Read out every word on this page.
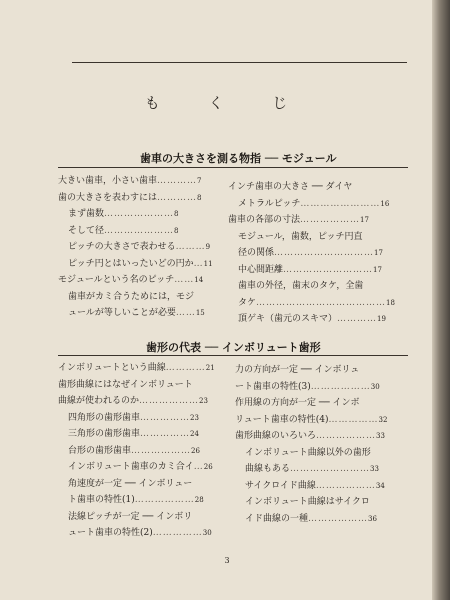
も く じ
歯車の大きさを測る物指 ── モジュール
大きい歯車，小さい歯車…………7
歯の大きさを表わすには…………8
まず歯数…………………8
そして径…………………8
ピッチの大きさで表わせる………9
ピッチ円とはいったいどの円か…11
モジュールという名のピッチ……14
歯車がカミ合うためには，モジ
ュールが等しいことが必要……15
インチ歯車の大きさ ── ダイヤ
メトラルピッチ……………………16
歯車の各部の寸法………………17
モジュール，歯数，ピッチ円直
径の関係…………………………17
中心間距離………………………17
歯車の外径，歯末のタケ，全歯
タケ…………………………………18
頂ゲキ（歯元のスキマ）…………19
歯形の代表 ── インボリュート歯形
インボリュートという曲線…………21
歯形曲線にはなぜインボリュート
曲線が使われるのか………………23
四角形の歯形歯車……………23
三角形の歯形歯車……………24
台形の歯形歯車………………26
インボリュート歯車のカミ合イ…26
角速度が一定 ── インボリュー
ト歯車の特性(1)………………28
法線ピッチが一定 ── インボリ
ュート歯車の特性(2)……………30
力の方向が一定 ── インボリュ
ート歯車の特性(3)………………30
作用線の方向が一定 ── インボ
リュート歯車の特性(4)……………32
歯形曲線のいろいろ………………33
インボリュート曲線以外の歯形
曲線もある……………………33
サイクロイド曲線………………34
インボリュート曲線はサイクロ
イド曲線の一種………………36
3
